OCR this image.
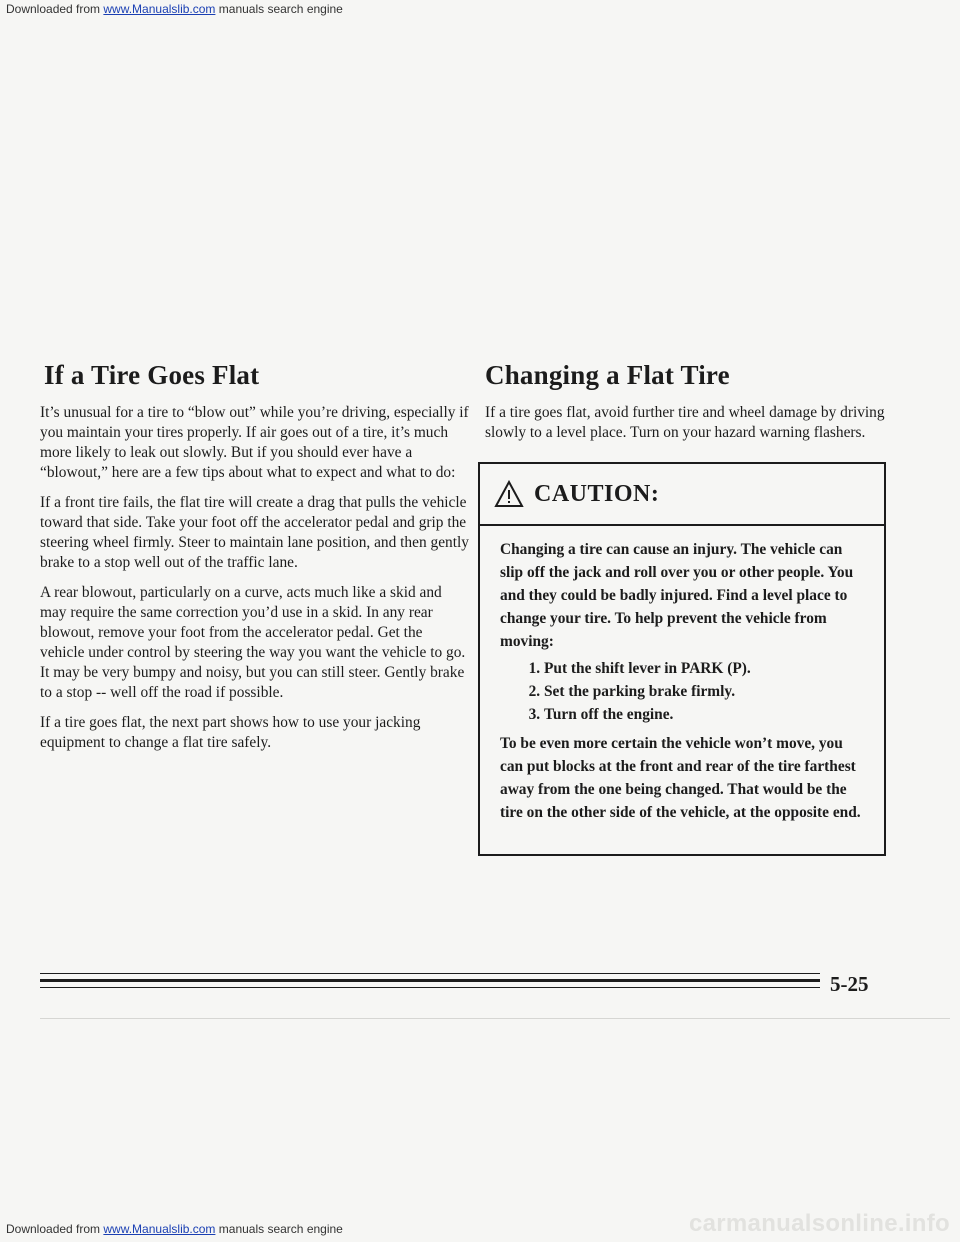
Downloaded from www.Manualslib.com manuals search engine
If a Tire Goes Flat

It’s unusual for a tire to “blow out” while you’re driving, especially if you maintain your tires properly. If air goes out of a tire, it’s much more likely to leak out slowly. But if you should ever have a “blowout,” here are a few tips about what to expect and what to do:

If a front tire fails, the flat tire will create a drag that pulls the vehicle toward that side. Take your foot off the accelerator pedal and grip the steering wheel firmly. Steer to maintain lane position, and then gently brake to a stop well out of the traffic lane.

A rear blowout, particularly on a curve, acts much like a skid and may require the same correction you’d use in a skid. In any rear blowout, remove your foot from the accelerator pedal. Get the vehicle under control by steering the way you want the vehicle to go. It may be very bumpy and noisy, but you can still steer. Gently brake to a stop -- well off the road if possible.

If a tire goes flat, the next part shows how to use your jacking equipment to change a flat tire safely.

Changing a Flat Tire

If a tire goes flat, avoid further tire and wheel damage by driving slowly to a level place. Turn on your hazard warning flashers.

CAUTION:

Changing a tire can cause an injury. The vehicle can slip off the jack and roll over you or other people. You and they could be badly injured. Find a level place to change your tire. To help prevent the vehicle from moving:

1. Put the shift lever in PARK (P).
2. Set the parking brake firmly.
3. Turn off the engine.

To be even more certain the vehicle won’t move, you can put blocks at the front and rear of the tire farthest away from the one being changed. That would be the tire on the other side of the vehicle, at the opposite end.

5-25
carmanualsonline.info
Downloaded from www.Manualslib.com manuals search engine
